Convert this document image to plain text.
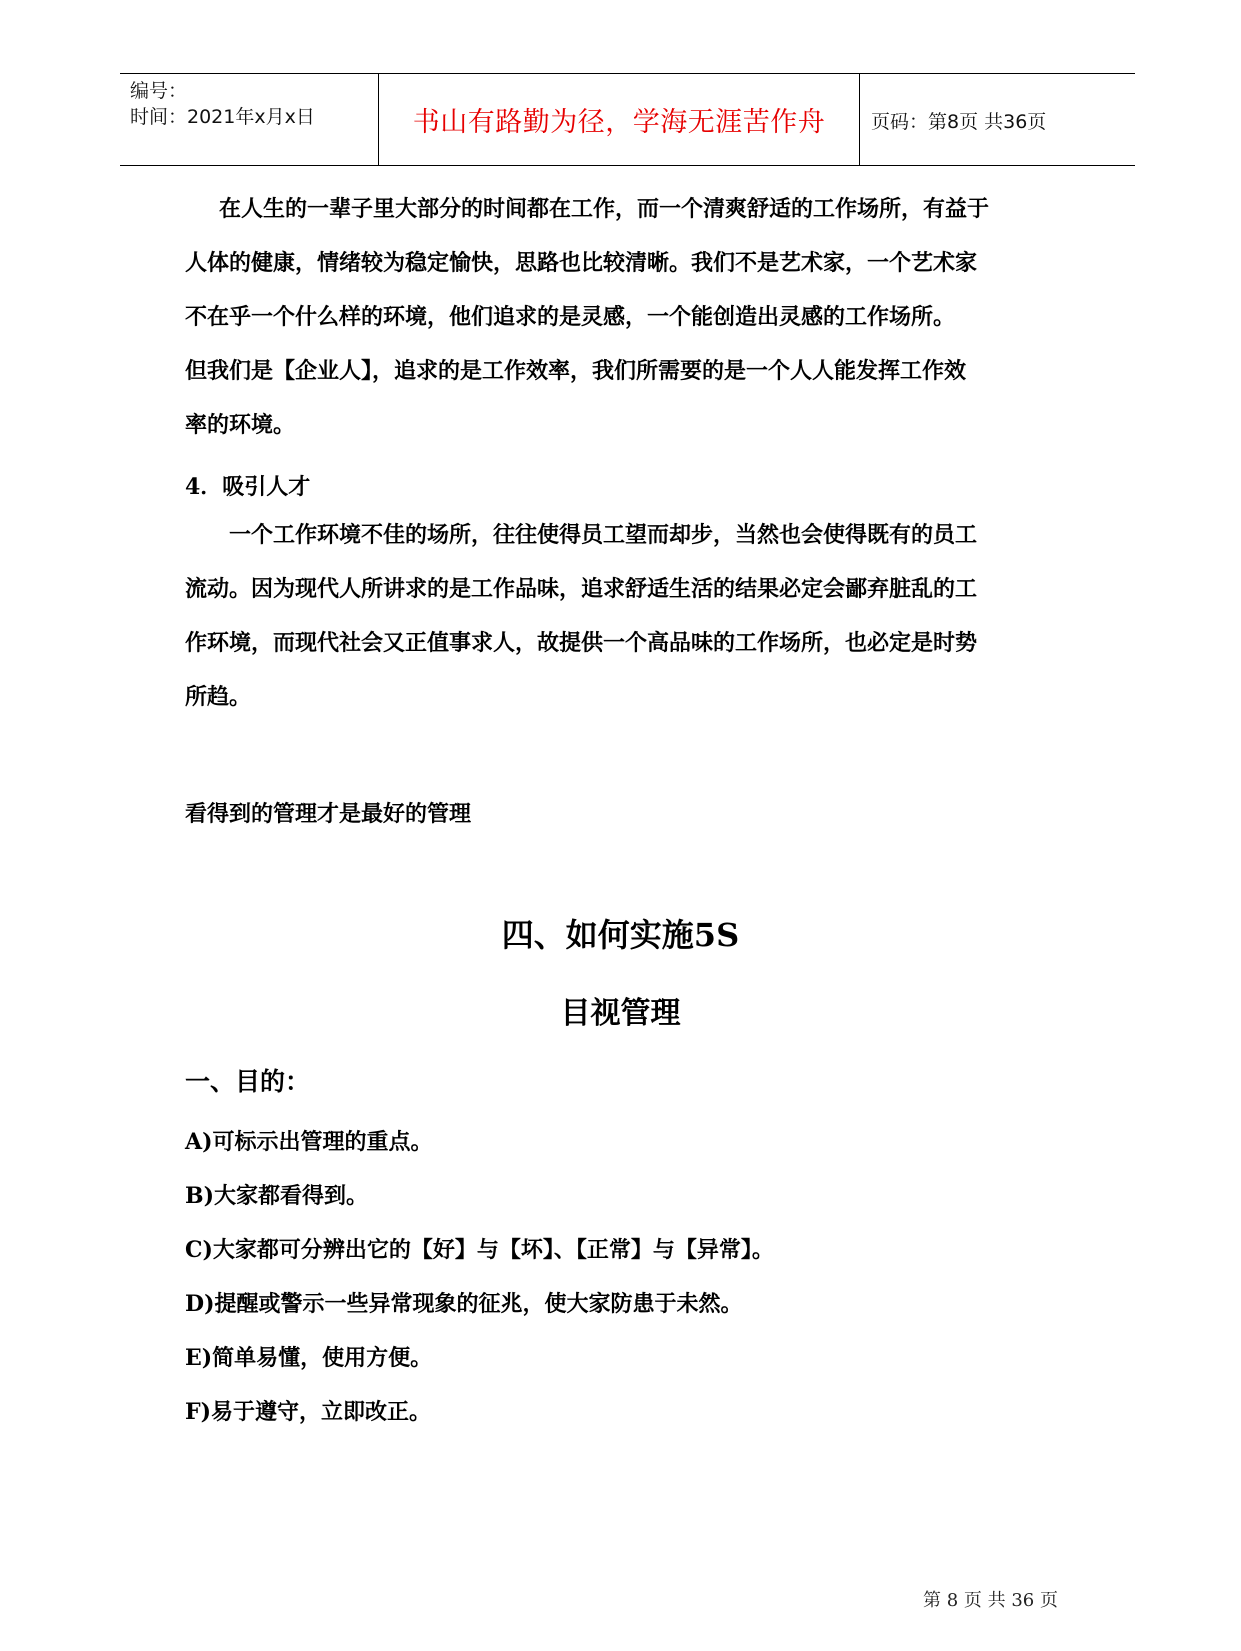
编号：
时间：2021年x月x日	书山有路勤为径，学海无涯苦作舟	页码：第8页 共36页
在人生的一辈子里大部分的时间都在工作，而一个清爽舒适的工作场所，有益于
人体的健康，情绪较为稳定愉快，思路也比较清晰。我们不是艺术家，一个艺术家
不在乎一个什么样的环境，他们追求的是灵感，一个能创造出灵感的工作场所。
但我们是【企业人】，追求的是工作效率，我们所需要的是一个人人能发挥工作效
率的环境。
4．吸引人才
一个工作环境不佳的场所，往往使得员工望而却步，当然也会使得既有的员工
流动。因为现代人所讲求的是工作品味，追求舒适生活的结果必定会鄙弃脏乱的工
作环境，而现代社会又正值事求人，故提供一个高品味的工作场所，也必定是时势
所趋。
看得到的管理才是最好的管理
四、如何实施5S
目视管理
一、目的：
A)可标示出管理的重点。
B)大家都看得到。
C)大家都可分辨出它的【好】与【坏】、【正常】与【异常】。
D)提醒或警示一些异常现象的征兆，使大家防患于未然。
E)简单易懂，使用方便。
F)易于遵守，立即改正。
第 8 页 共 36 页
